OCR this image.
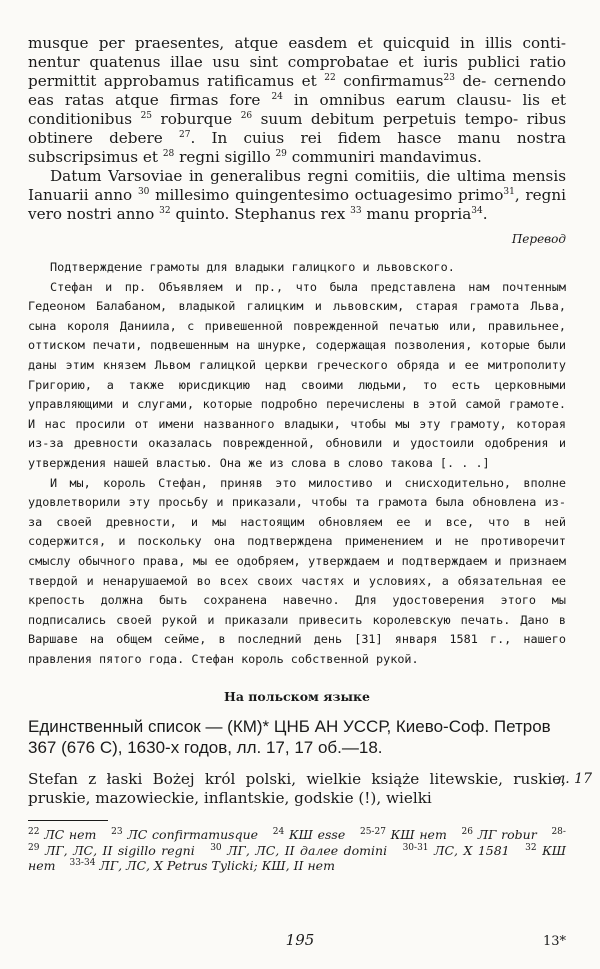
musque per praesentes, atque easdem et quicquid in illis conti- nentur quatenus illae usu sint comprobatae et iuris publici ratio permittit approbamus ratificamus et $^{22}$ confirmamus$^{23}$ de- cernendo eas ratas atque firmas fore $^{24}$ in omnibus earum clausu- lis et conditionibus $^{25}$ roburque $^{26}$ suum debitum perpetuis tempo- ribus obtinere debere $^{27}$. In cuius rei fidem hasce manu nostra subscripsimus et $^{28}$ regni sigillo $^{29}$ communiri mandavimus.

Datum Varsoviae in generalibus regni comitiis, die ultima mensis Ianuarii anno $^{30}$ millesimo quingentesimo octuagesimo primo$^{31}$, regni vero nostri anno $^{32}$ quinto. Stephanus rex $^{33}$ manu propria$^{34}$.

Перевод

Подтверждение грамоты для владыки галицкого и львовского.

Стефан и пр. Объявляем и пр., что была представлена нам почтенным Гедеоном Балабаном, владыкой галицким и львовским, старая грамота Льва, сына короля Даниила, с привешенной поврежденной печатью или, правильнее, оттиском печати, подвешенным на шнурке, содержащая позволения, которые были даны этим князем Львом галицкой церкви греческого обряда и ее митрополиту Григорию, а также юрисдикцию над своими людьми, то есть церковными управляющими и слугами, которые подробно перечислены в этой самой грамоте. И нас просили от имени названного владыки, чтобы мы эту грамоту, которая из-за древности оказалась поврежденной, обновили и удостоили одобрения и утверждения нашей властью. Она же из слова в слово такова [. . .]

И мы, король Стефан, приняв это милостиво и снисходительно, вполне удовлетворили эту просьбу и приказали, чтобы та грамота была обновлена из-за своей древности, и мы настоящим обновляем ее и все, что в ней содержится, и поскольку она подтверждена применением и не противоречит смыслу обычного права, мы ее одобряем, утверждаем и подтверждаем и признаем твердой и ненарушаемой во всех своих частях и условиях, а обязательная ее крепость должна быть сохранена навечно. Для удостоверения этого мы подписались своей рукой и приказали привесить королевскую печать. Дано в Варшаве на общем сейме, в последний день [31] января 1581 г., нашего правления пятого года. Стефан король собственной рукой.

На польском языке

Единственный список — (КМ)* ЦНБ АН УССР, Киево-Соф. Петров 367 (676 С), 1630-х годов, лл. 17, 17 об.—18.

Stefan z łaski Bożej król polski, wielkie książe litewskie, ruskie, pruskie, mazowieckie, inflantskie, godskie (!), wielki
л. 17
$^{22}$ ЛС нет $^{23}$ ЛС confirmamusque $^{24}$ КШ esse $^{25-27}$ КШ нет $^{26}$ ЛГ robur $^{28-29}$ ЛГ, ЛС, II sigillo regni $^{30}$ ЛГ, ЛС, II далее domini $^{30-31}$ ЛС, Х 1581 $^{32}$ КШ нет $^{33-34}$ ЛГ, ЛС, Х Petrus Tylicki; КШ, II нет
195	13*
